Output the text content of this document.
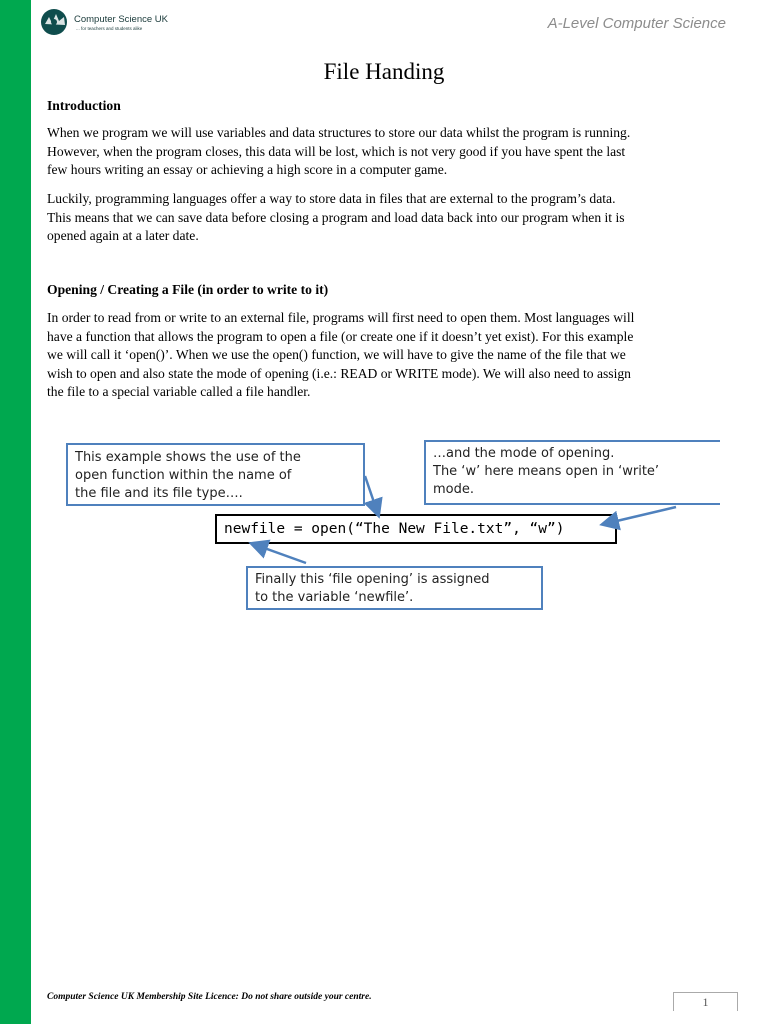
Computer Science UK
... for teachers and students alike	A-Level Computer Science
File Handing
Introduction
When we program we will use variables and data structures to store our data whilst the program is running.
However, when the program closes, this data will be lost, which is not very good if you have spent the last
few hours writing an essay or achieving a high score in a computer game.
Luckily, programming languages offer a way to store data in files that are external to the program’s data.
This means that we can save data before closing a program and load data back into our program when it is
opened again at a later date.
Opening / Creating a File (in order to write to it)
In order to read from or write to an external file, programs will first need to open them. Most languages will
have a function that allows the program to open a file (or create one if it doesn’t yet exist). For this example
we will call it ‘open()’. When we use the open() function, we will have to give the name of the file that we
wish to open and also state the mode of opening (i.e.: READ or WRITE mode). We will also need to assign
the file to a special variable called a file handler.
This example shows the use of the
open function within the name of
the file and its file type….
…and the mode of opening.
The ‘w’ here means open in ‘write’
mode.
newfile = open(“The New File.txt”, “w”)
Finally this ‘file opening’ is assigned
to the variable ‘newfile’.
Computer Science UK Membership Site Licence: Do not share outside your centre.	1
